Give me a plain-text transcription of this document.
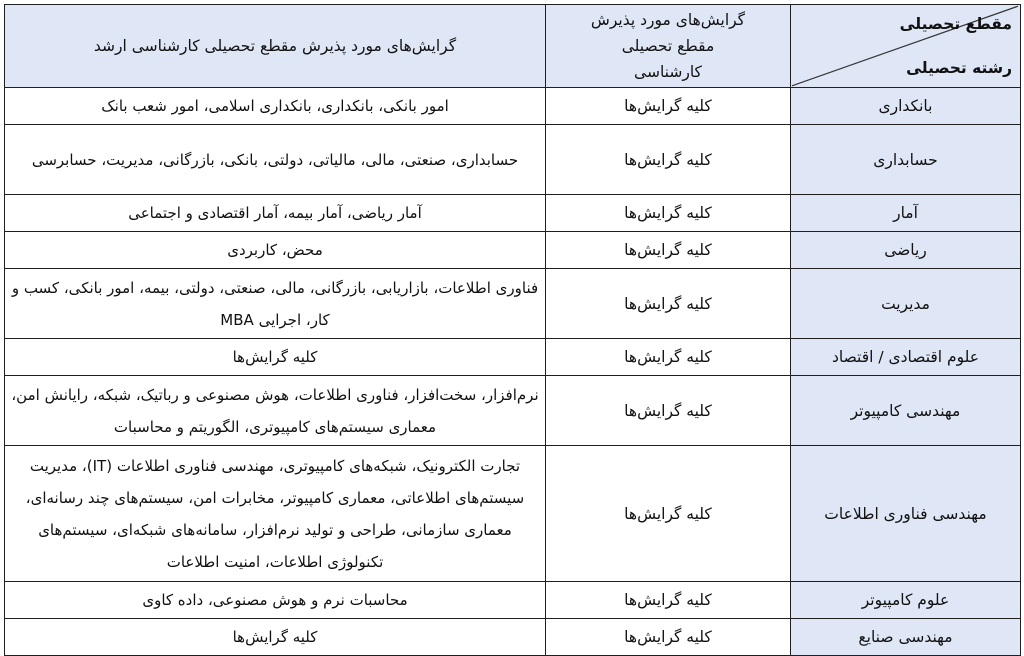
مقطع تحصیلی
رشته تحصیلی	گرایش‌های مورد پذیرش مقطع تحصیلی کارشناسی	گرایش‌های مورد پذیرش مقطع تحصیلی کارشناسی ارشد
بانکداری	کلیه گرایش‌ها	امور بانکی، بانکداری، بانکداری اسلامی، امور شعب بانک
حسابداری	کلیه گرایش‌ها	حسابداری، صنعتی، مالی، مالیاتی، دولتی، بانکی، بازرگانی، مدیریت، حسابرسی
آمار	کلیه گرایش‌ها	آمار ریاضی، آمار بیمه، آمار اقتصادی و اجتماعی
ریاضی	کلیه گرایش‌ها	محض، کاربردی
مدیریت	کلیه گرایش‌ها	فناوری اطلاعات، بازاریابی، بازرگانی، مالی، صنعتی، دولتی، بیمه، امور بانکی، کسب و کار، اجرایی MBA
علوم اقتصادی / اقتصاد	کلیه گرایش‌ها	کلیه گرایش‌ها
مهندسی کامپیوتر	کلیه گرایش‌ها	نرم‌افزار، سخت‌افزار، فناوری اطلاعات، هوش مصنوعی و رباتیک، شبکه، رایانش امن، معماری سیستم‌های کامپیوتری، الگوریتم و محاسبات
مهندسی فناوری اطلاعات	کلیه گرایش‌ها	تجارت الکترونیک، شبکه‌های کامپیوتری، مهندسی فناوری اطلاعات (IT)، مدیریت سیستم‌های اطلاعاتی، معماری کامپیوتر، مخابرات امن، سیستم‌های چند رسانه‌ای، معماری سازمانی، طراحی و تولید نرم‌افزار، سامانه‌های شبکه‌ای، سیستم‌های تکنولوژی اطلاعات، امنیت اطلاعات
علوم کامپیوتر	کلیه گرایش‌ها	محاسبات نرم و هوش مصنوعی، داده کاوی
مهندسی صنایع	کلیه گرایش‌ها	کلیه گرایش‌ها
